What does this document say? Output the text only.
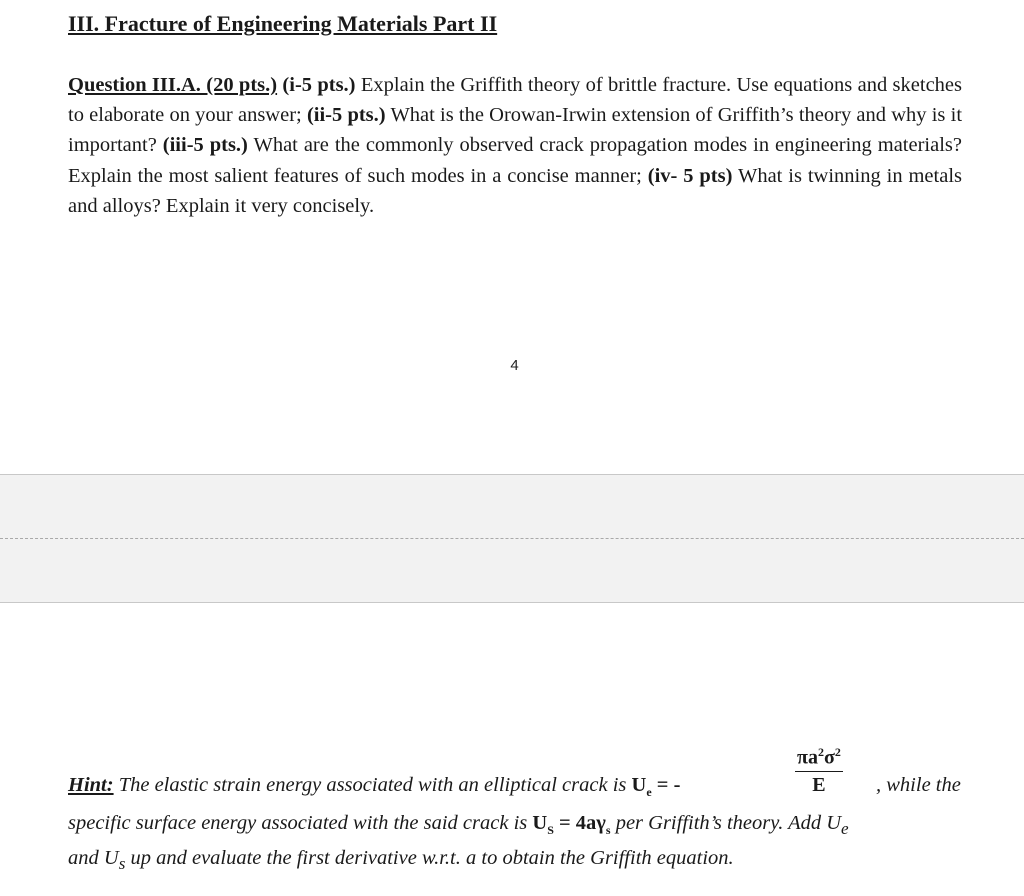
III. Fracture of Engineering Materials Part II

Question III.A. (20 pts.) (i-5 pts.) Explain the Griffith theory of brittle fracture. Use equations and sketches to elaborate on your answer; (ii-5 pts.) What is the Orowan-Irwin extension of Griffith’s theory and why is it important? (iii-5 pts.) What are the commonly observed crack propagation modes in engineering materials? Explain the most salient features of such modes in a concise manner; (iv- 5 pts) What is twinning in metals and alloys? Explain it very concisely.

4
Hint: The elastic strain energy associated with an elliptical crack is $U_e$ = -	$\frac{\pi a^2\sigma^2}{E}$ , while the
specific surface energy associated with the said crack is $U_S = 4a\gamma_s$ per Griffith’s theory. Add $U_e$
and $U_s$ up and evaluate the first derivative w.r.t. a to obtain the Griffith equation.
